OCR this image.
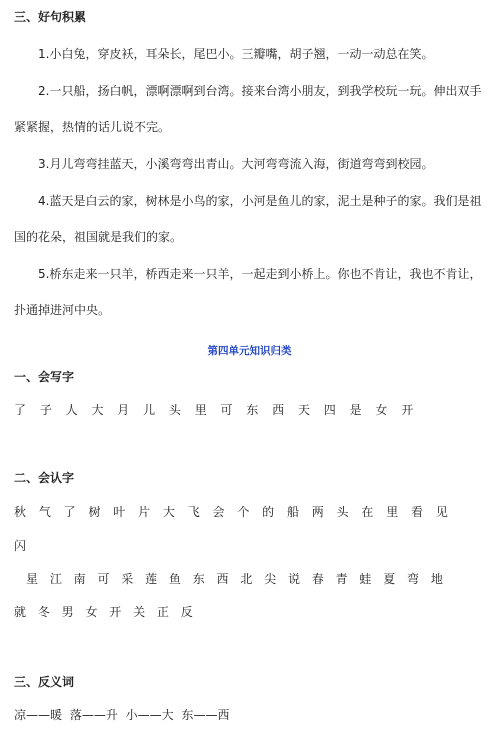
三、好句积累

1.小白兔，穿皮袄，耳朵长，尾巴小。三瓣嘴，胡子翘，一动一动总在笑。

2.一只船，扬白帆，漂啊漂啊到台湾。接来台湾小朋友，到我学校玩一玩。伸出双手紧紧握，热情的话儿说不完。

3.月儿弯弯挂蓝天，小溪弯弯出青山。大河弯弯流入海，街道弯弯到校园。

4.蓝天是白云的家，树林是小鸟的家，小河是鱼儿的家，泥土是种子的家。我们是祖国的花朵，祖国就是我们的家。

5.桥东走来一只羊，桥西走来一只羊，一起走到小桥上。你也不肯让，我也不肯让，扑通掉进河中央。

第四单元知识归类
一、会写字

了 子 人 大 月 儿 头 里 可 东 西 天 四 是 女 开

二、会认字

秋 气 了 树 叶 片 大 飞 会 个 的 船 两 头 在 里 看 见

闪

星 江 南 可 采 莲 鱼 东 西 北 尖 说 春 青 蛙 夏 弯 地

就 冬 男 女 开 关 正 反

三、反义词

凉——暖 落——升 小——大 东——西
